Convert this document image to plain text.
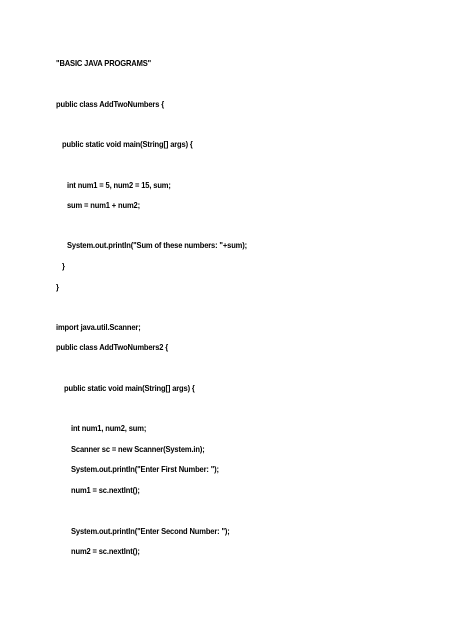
"BASIC JAVA PROGRAMS"
public class AddTwoNumbers {
public static void main(String[] args) {
int num1 = 5, num2 = 15, sum;
sum = num1 + num2;
System.out.println("Sum of these numbers: "+sum);
}
}
import java.util.Scanner;
public class AddTwoNumbers2 {
public static void main(String[] args) {
int num1, num2, sum;
Scanner sc = new Scanner(System.in);
System.out.println("Enter First Number: ");
num1 = sc.nextInt();
System.out.println("Enter Second Number: ");
num2 = sc.nextInt();
